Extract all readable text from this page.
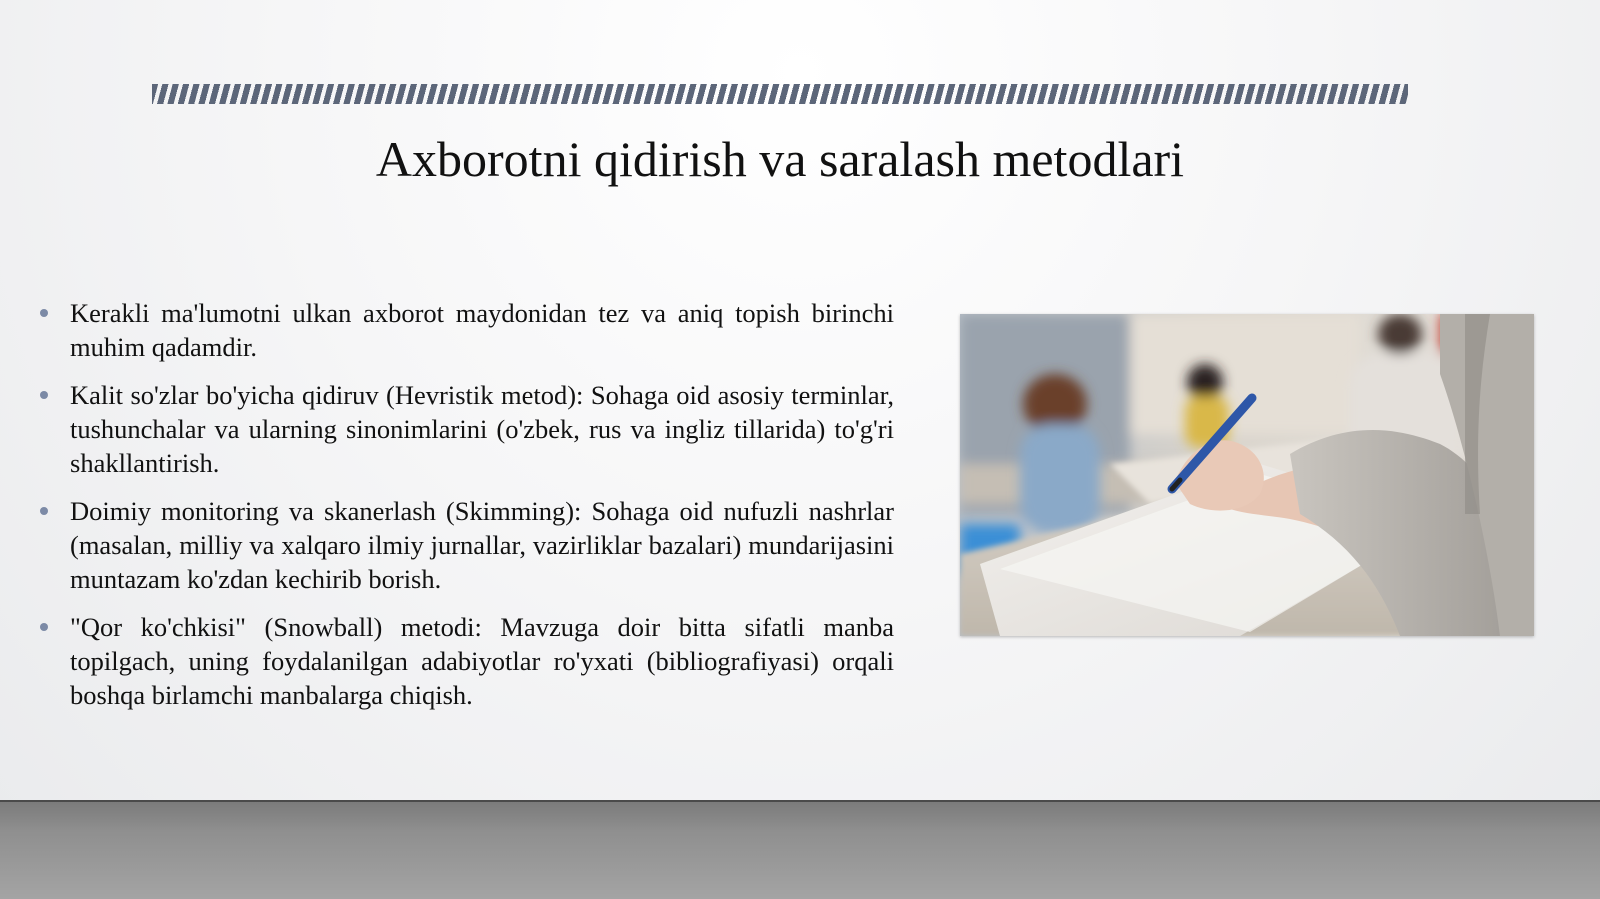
Axborotni qidirish va saralash metodlari
Kerakli ma'lumotni ulkan axborot maydonidan tez va aniq topish birinchi muhim qadamdir.
Kalit so'zlar bo'yicha qidiruv (Hevristik metod): Sohaga oid asosiy terminlar, tushunchalar va ularning sinonimlarini (o'zbek, rus va ingliz tillarida) to'g'ri shakllantirish.
Doimiy monitoring va skanerlash (Skimming): Sohaga oid nufuzli nashrlar (masalan, milliy va xalqaro ilmiy jurnallar, vazirliklar bazalari) mundarijasini muntazam ko'zdan kechirib borish.
"Qor ko'chkisi" (Snowball) metodi: Mavzuga doir bitta sifatli manba topilgach, uning foydalanilgan adabiyotlar ro'yxati (bibliografiyasi) orqali boshqa birlamchi manbalarga chiqish.
